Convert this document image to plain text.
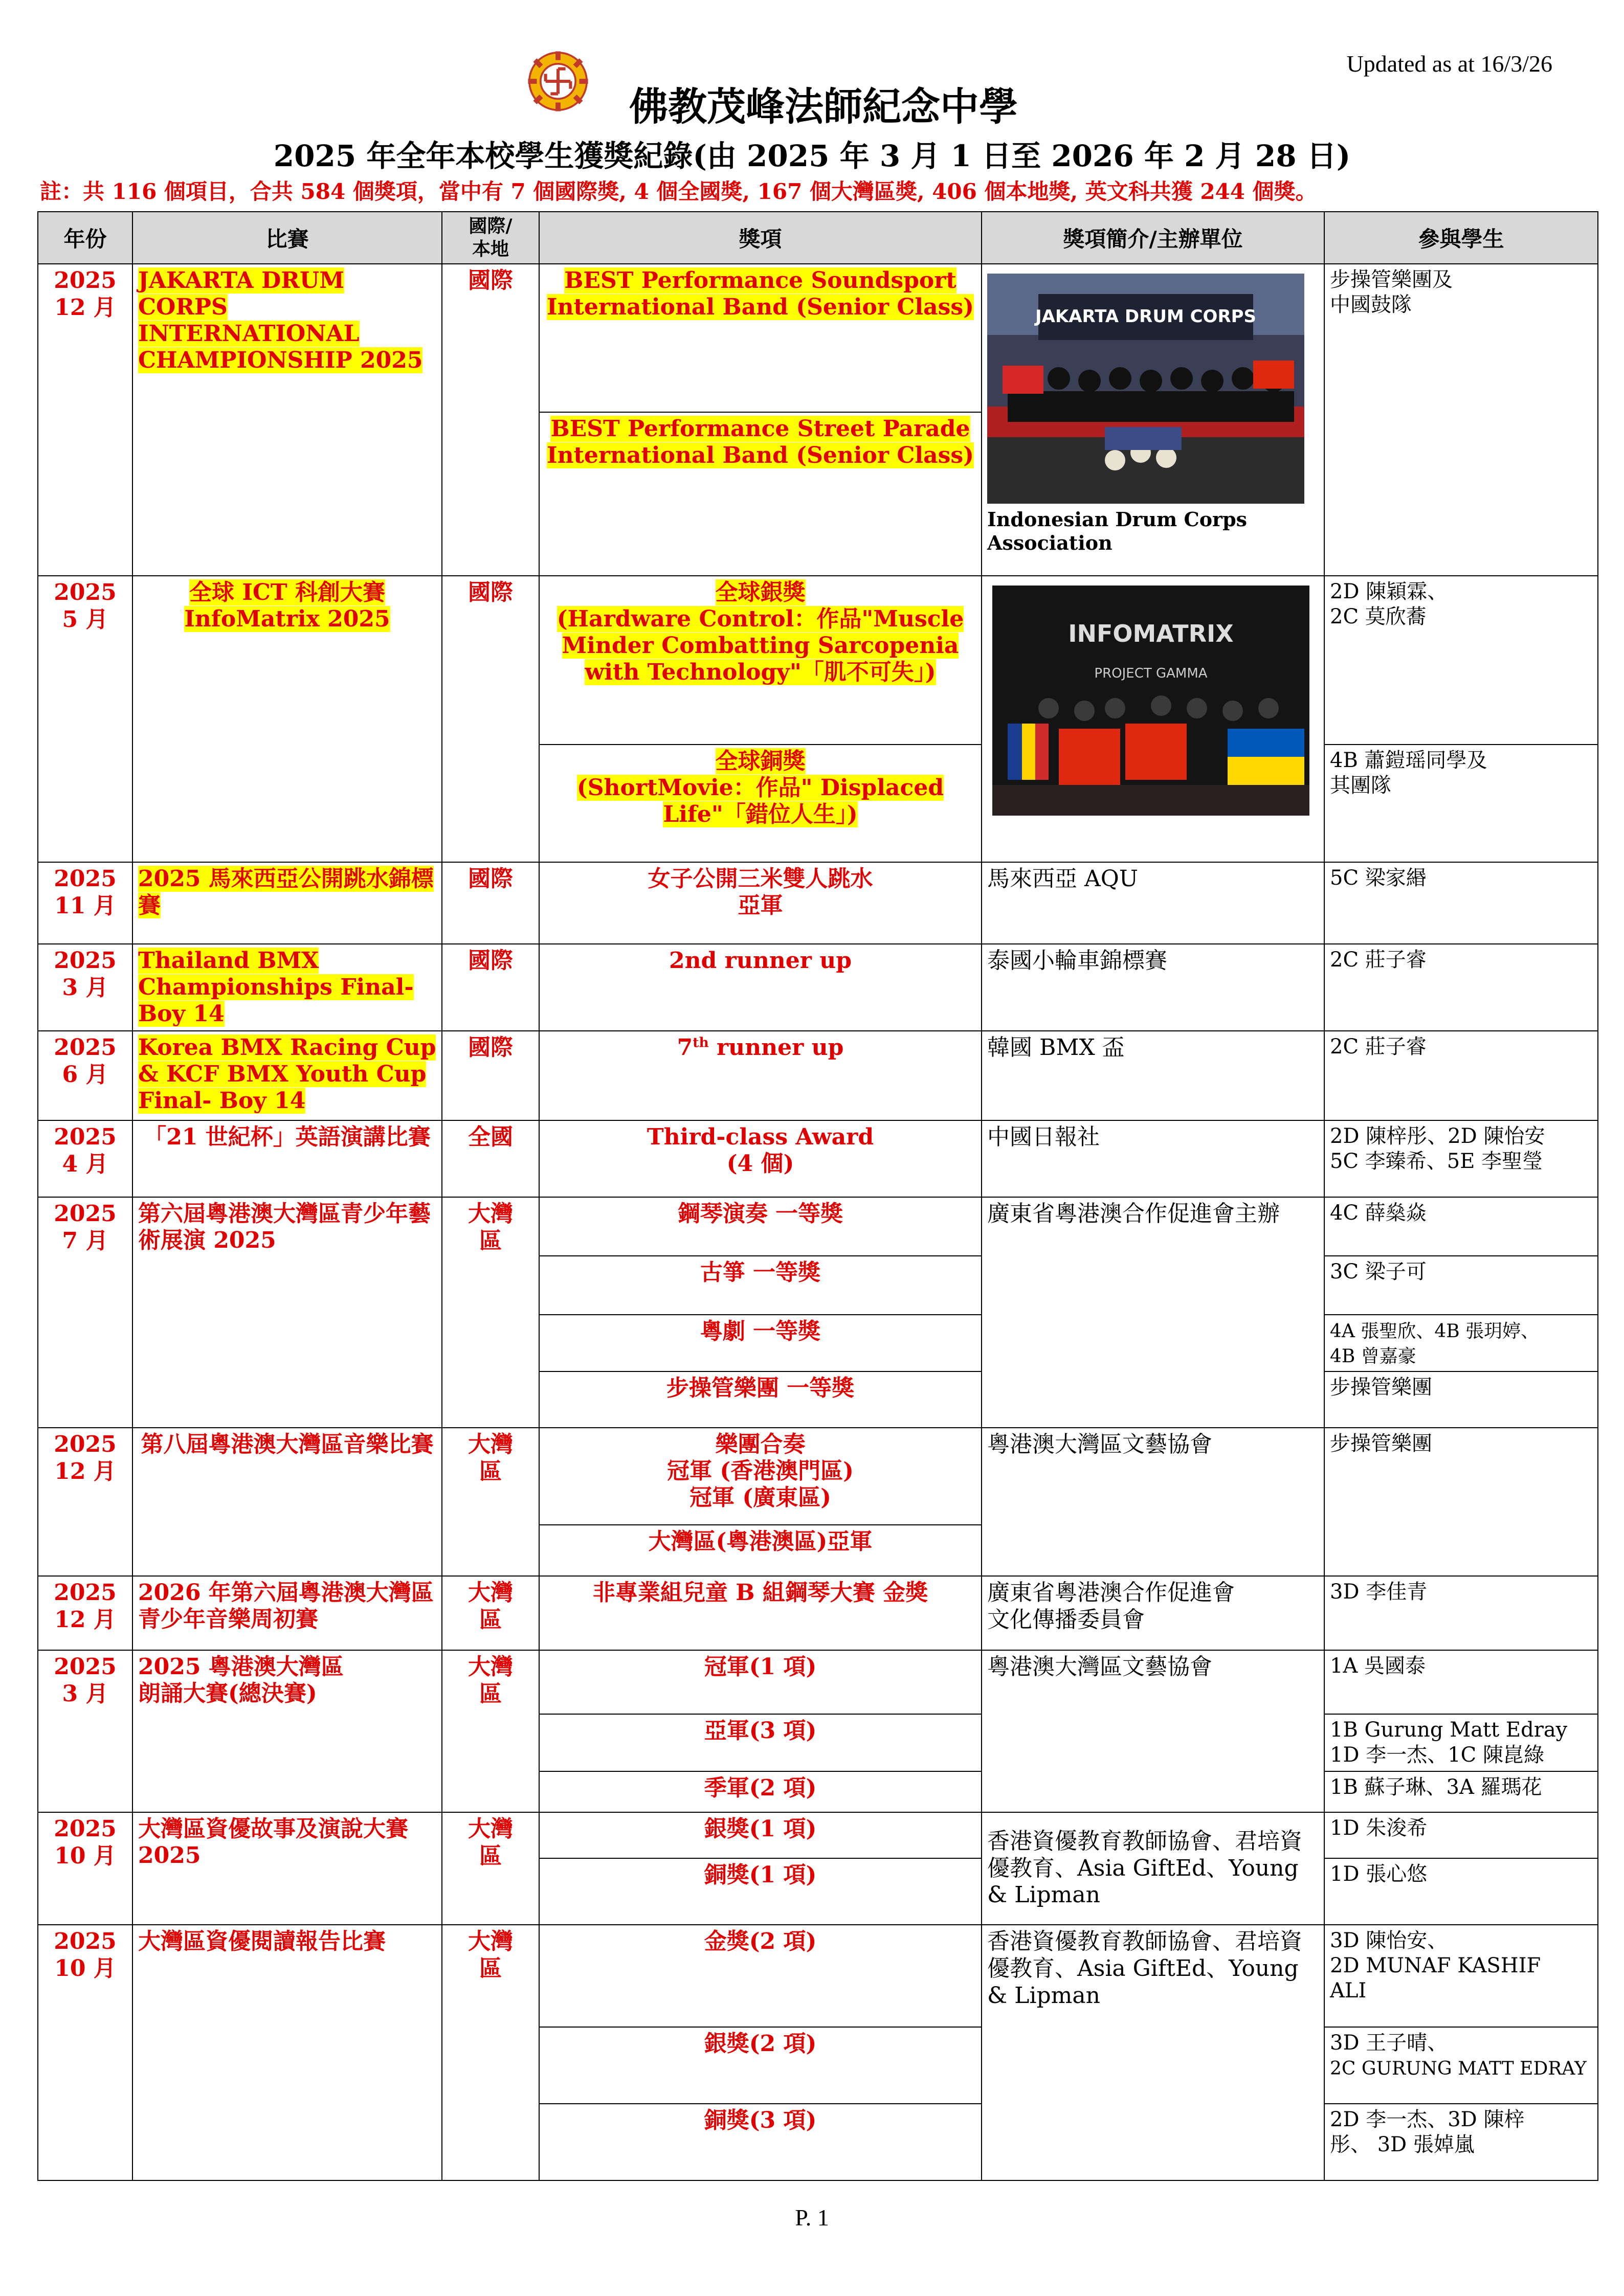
Updated as at 16/3/26
佛教茂峰法師紀念中學
2025 年全年本校學生獲獎紀錄(由 2025 年 3 月 1 日至 2026 年 2 月 28 日)
註：共 116 個項目，合共 584 個獎項，當中有 7 個國際獎, 4 個全國獎, 167 個大灣區獎, 406 個本地獎, 英文科共獲 244 個獎。
年份	比賽	國際/
本地	獎項	獎項簡介/主辦單位	參與學生
2025
12 月	JAKARTA DRUM CORPS INTERNATIONAL CHAMPIONSHIP 2025	國際	BEST Performance Soundsport International Band (Senior Class)	JAKARTA DRUM CORPS
Indonesian Drum Corps Association	步操管樂團及
中國鼓隊
			BEST Performance Street Parade International Band (Senior Class)		
2025
5 月	全球 ICT 科創大賽 InfoMatrix 2025	國際	全球銀獎
(Hardware Control：作品"Muscle Minder Combatting Sarcopenia with Technology"「肌不可失」)	INFOMATRIX
PROJECT GAMMA	2D 陳穎霖、
2C 莫欣蕎
			全球銅獎
(ShortMovie：作品" Displaced Life"「錯位人生」)		4B 蕭鎧瑶同學及
其團隊
2025
11 月	2025 馬來西亞公開跳水錦標賽	國際	女子公開三米雙人跳水
亞軍	馬來西亞 AQU	5C 梁家緡
2025
3 月	Thailand BMX Championships Final-Boy 14	國際	2nd runner up	泰國小輪車錦標賽	2C 莊子睿
2025
6 月	Korea BMX Racing Cup & KCF BMX Youth Cup Final- Boy 14	國際	7th runner up	韓國 BMX 盃	2C 莊子睿
2025
4 月	「21 世紀杯」英語演講比賽	全國	Third-class Award
(4 個)	中國日報社	2D 陳梓彤、2D 陳怡安
5C 李臻希、5E 李聖瑩
2025
7 月	第六屆粵港澳大灣區青少年藝術展演 2025	大灣
區	鋼琴演奏 一等獎	廣東省粵港澳合作促進會主辦	4C 薛燊焱
			古箏 一等獎		3C 梁子可
			粵劇 一等獎		4A 張聖欣、4B 張玥婷、
4B 曾嘉豪
			步操管樂團 一等獎		步操管樂團
2025
12 月	第八屆粵港澳大灣區音樂比賽	大灣
區	樂團合奏
冠軍 (香港澳門區)
冠軍 (廣東區)	粵港澳大灣區文藝協會	步操管樂團
			大灣區(粵港澳區)亞軍		
2025
12 月	2026 年第六屆粵港澳大灣區青少年音樂周初賽	大灣
區	非專業組兒童 B 組鋼琴大賽 金獎	廣東省粵港澳合作促進會
文化傳播委員會	3D 李佳青
2025
3 月	2025 粵港澳大灣區
朗誦大賽(總決賽)	大灣
區	冠軍(1 項)	粵港澳大灣區文藝協會	1A 吳國泰
			亞軍(3 項)		1B Gurung Matt Edray
1D 李一杰、1C 陳崑綠
			季軍(2 項)		1B 蘇子琳、3A 羅瑪花
2025
10 月	大灣區資優故事及演說大賽 2025	大灣
區	銀獎(1 項)	香港資優教育教師協會、君培資優教育、Asia GiftEd、Young & Lipman	1D 朱浚希
			銅獎(1 項)		1D 張心悠
2025
10 月	大灣區資優閱讀報告比賽	大灣
區	金獎(2 項)	香港資優教育教師協會、君培資優教育、Asia GiftEd、Young & Lipman	3D 陳怡安、
2D MUNAF KASHIF
ALI
			銀獎(2 項)		3D 王子晴、
2C GURUNG MATT EDRAY
			銅獎(3 項)		2D 李一杰、3D 陳梓
彤、 3D 張婥嵐
P. 1
